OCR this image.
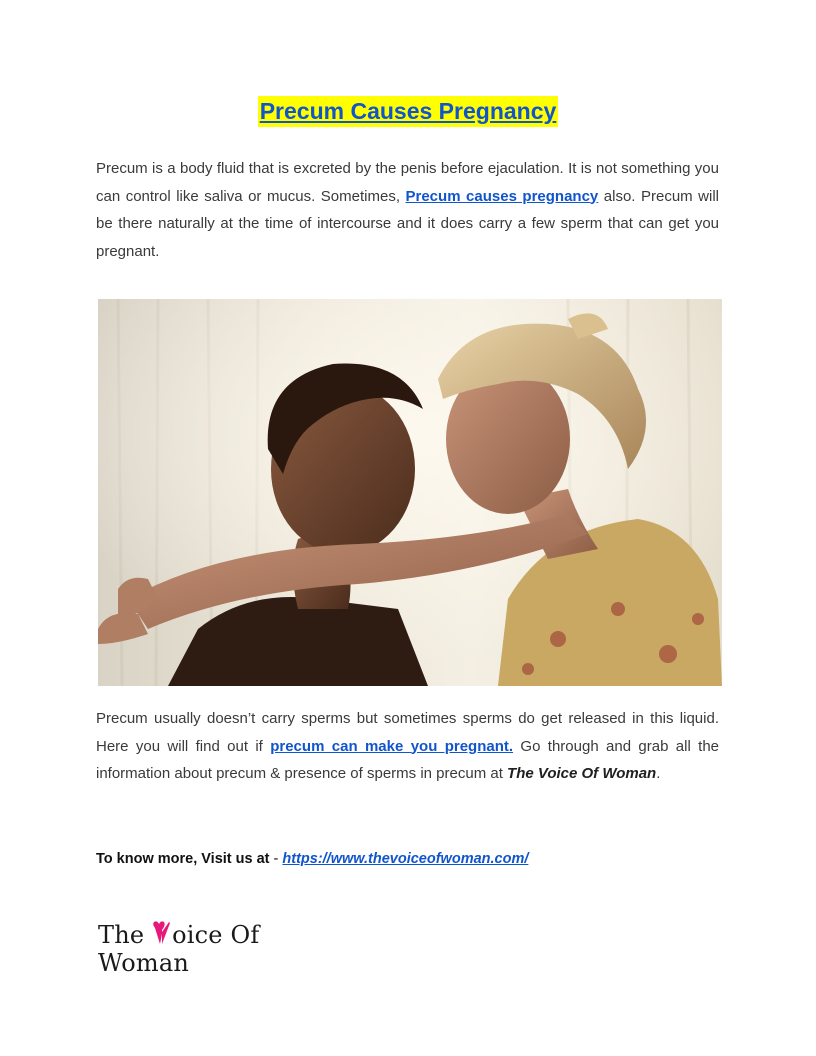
Precum Causes Pregnancy

Precum is a body fluid that is excreted by the penis before ejaculation. It is not something you can control like saliva or mucus. Sometimes, Precum causes pregnancy also. Precum will be there naturally at the time of intercourse and it does carry a few sperm that can get you pregnant.

Precum usually doesn’t carry sperms but sometimes sperms do get released in this liquid. Here you will find out if precum can make you pregnant. Go through and grab all the information about precum & presence of sperms in precum at The Voice Of Woman.

To know more, Visit us at - https://www.thevoiceofwoman.com/

The oice Of Woman
